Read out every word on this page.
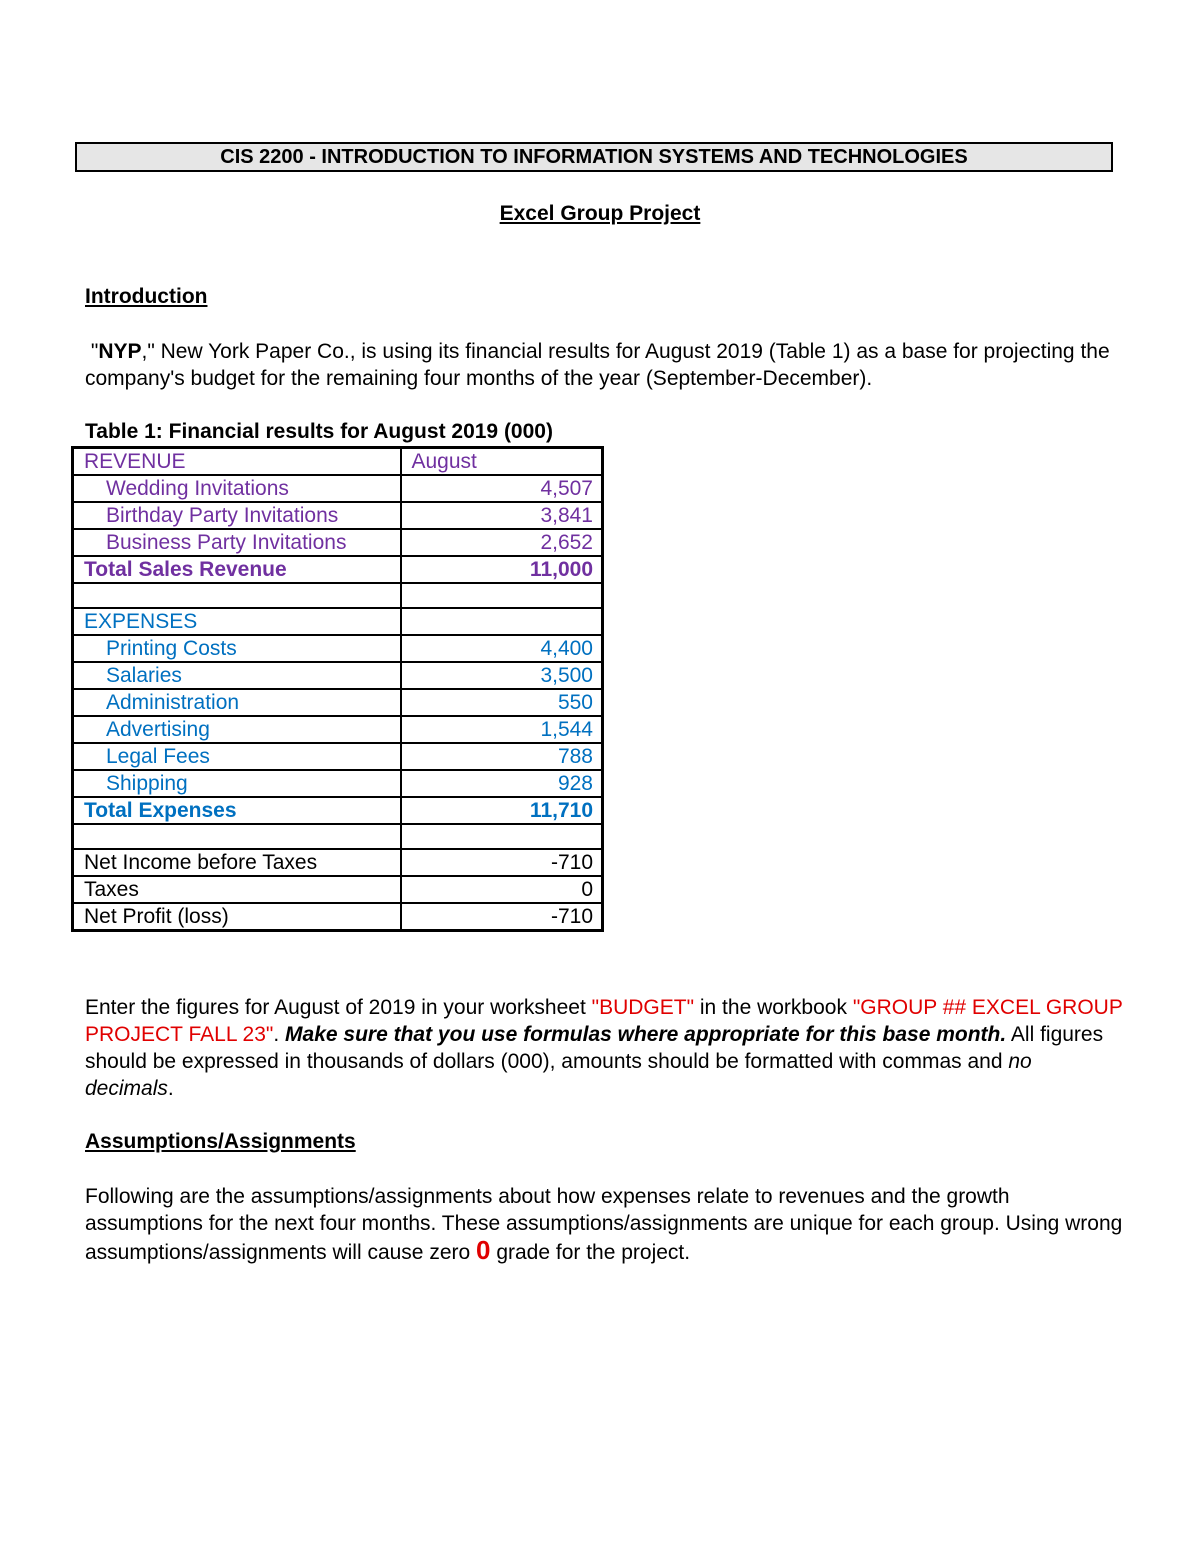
CIS 2200 - INTRODUCTION TO INFORMATION SYSTEMS AND TECHNOLOGIES
Excel Group Project
Introduction
"NYP," New York Paper Co., is using its financial results for August 2019 (Table 1) as a base for projecting the company's budget for the remaining four months of the year (September-December).
Table 1: Financial results for August 2019 (000)
REVENUE	August
Wedding Invitations	4,507
Birthday Party Invitations	3,841
Business Party Invitations	2,652
Total Sales Revenue	11,000

EXPENSES	
Printing Costs	4,400
Salaries	3,500
Administration	550
Advertising	1,544
Legal Fees	788
Shipping	928
Total Expenses	11,710

Net Income before Taxes	-710
Taxes	0
Net Profit (loss)	-710
Enter the figures for August of 2019 in your worksheet "BUDGET" in the workbook "GROUP ## EXCEL GROUP PROJECT FALL 23". Make sure that you use formulas where appropriate for this base month. All figures should be expressed in thousands of dollars (000), amounts should be formatted with commas and no decimals.
Assumptions/Assignments
Following are the assumptions/assignments about how expenses relate to revenues and the growth assumptions for the next four months. These assumptions/assignments are unique for each group. Using wrong assumptions/assignments will cause zero 0 grade for the project.
